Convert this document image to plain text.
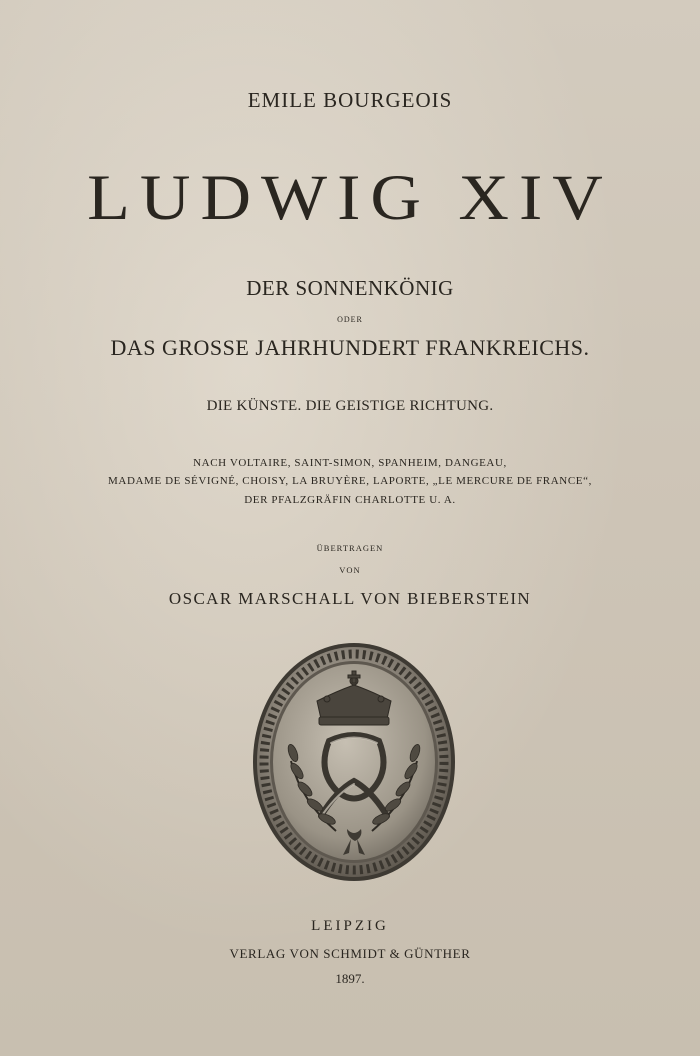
EMILE BOURGEOIS
LUDWIG XIV
DER SONNENKÖNIG
ODER
DAS GROSSE JAHRHUNDERT FRANKREICHS.
DIE KÜNSTE. DIE GEISTIGE RICHTUNG.
NACH VOLTAIRE, SAINT-SIMON, SPANHEIM, DANGEAU,
MADAME DE SÉVIGNÉ, CHOISY, LA BRUYÈRE, LAPORTE, „LE MERCURE DE FRANCE“,
DER PFALZGRÄFIN CHARLOTTE U. A.
ÜBERTRAGEN
VON
OSCAR MARSCHALL VON BIEBERSTEIN
LEIPZIG
VERLAG VON SCHMIDT & GÜNTHER
1897.
